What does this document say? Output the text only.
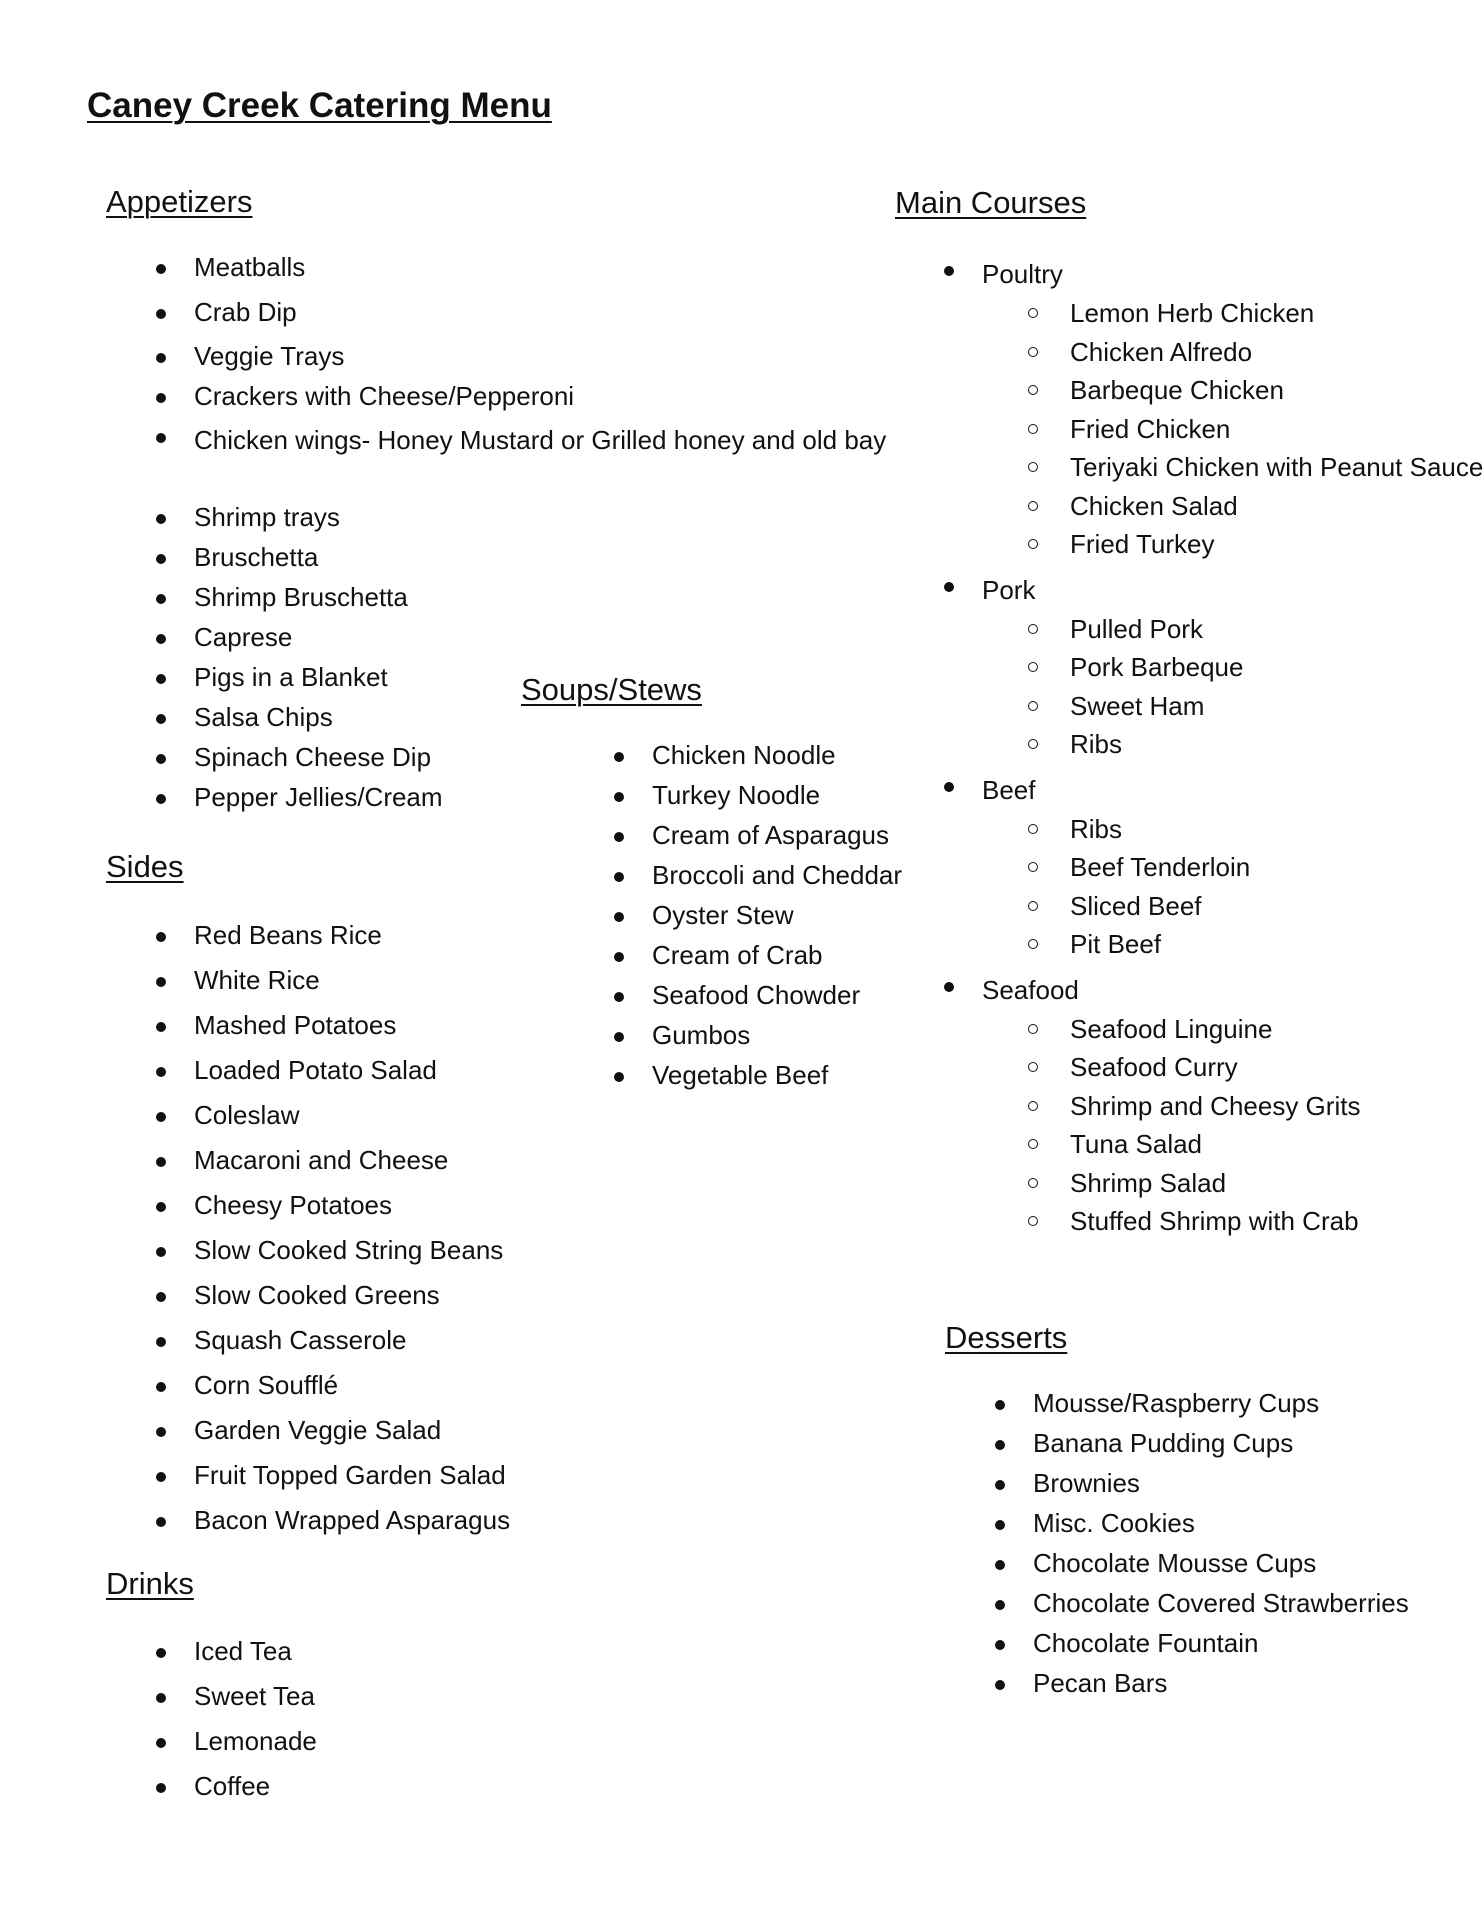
Caney Creek Catering Menu
Appetizers
Meatballs
Crab Dip
Veggie Trays
Crackers with Cheese/Pepperoni
Chicken wings- Honey Mustard or Grilled honey and old bay
Shrimp trays
Bruschetta
Shrimp Bruschetta
Caprese
Pigs in a Blanket
Salsa Chips
Spinach Cheese Dip
Pepper Jellies/Cream
Sides
Red Beans Rice
White Rice
Mashed Potatoes
Loaded Potato Salad
Coleslaw
Macaroni and Cheese
Cheesy Potatoes
Slow Cooked String Beans
Slow Cooked Greens
Squash Casserole
Corn Soufflé
Garden Veggie Salad
Fruit Topped Garden Salad
Bacon Wrapped Asparagus
Drinks
Iced Tea
Sweet Tea
Lemonade
Coffee
Soups/Stews
Chicken Noodle
Turkey Noodle
Cream of Asparagus
Broccoli and Cheddar
Oyster Stew
Cream of Crab
Seafood Chowder
Gumbos
Vegetable Beef
Main Courses
Poultry
Lemon Herb Chicken
Chicken Alfredo
Barbeque Chicken
Fried Chicken
Teriyaki Chicken with Peanut Sauce
Chicken Salad
Fried Turkey
Pork
Pulled Pork
Pork Barbeque
Sweet Ham
Ribs
Beef
Ribs
Beef Tenderloin
Sliced Beef
Pit Beef
Seafood
Seafood Linguine
Seafood Curry
Shrimp and Cheesy Grits
Tuna Salad
Shrimp Salad
Stuffed Shrimp with Crab
Desserts
Mousse/Raspberry Cups
Banana Pudding Cups
Brownies
Misc. Cookies
Chocolate Mousse Cups
Chocolate Covered Strawberries
Chocolate Fountain
Pecan Bars
